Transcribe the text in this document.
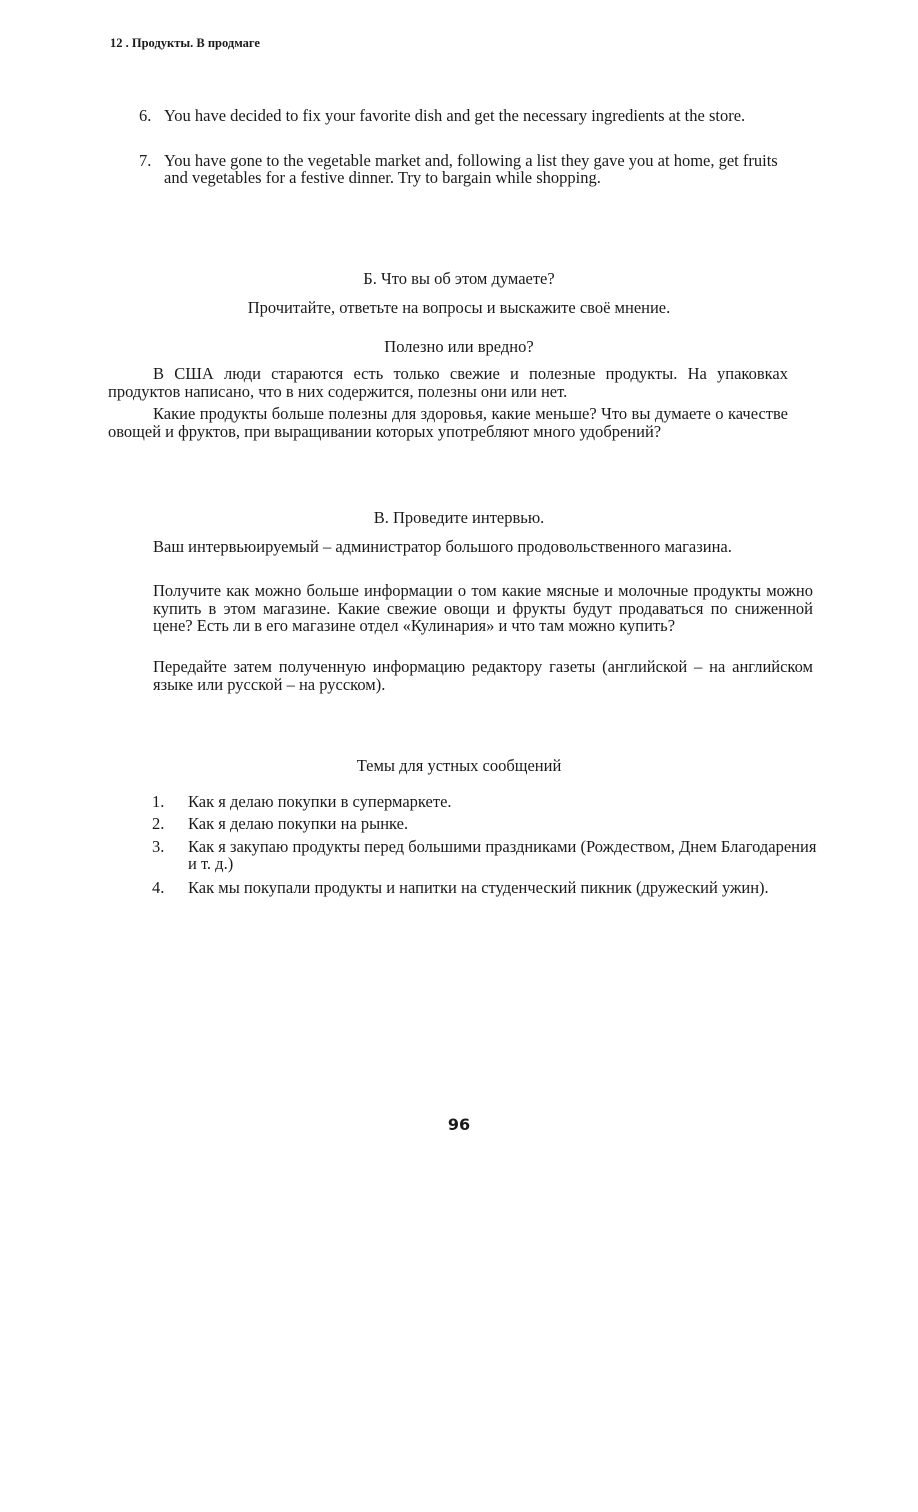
12 . Продукты. В продмаге
6. You have decided to fix your favorite dish and get the necessary ingredients at the store.
7. You have gone to the vegetable market and, following a list they gave you at home, get fruits and vegetables for a festive dinner. Try to bargain while shopping.
Б. Что вы об этом думаете?
Прочитайте, ответьте на вопросы и выскажите своё мнение.
Полезно или вредно?
В США люди стараются есть только свежие и полезные продукты. На упаковках продуктов написано, что в них содержится, полезны они или нет.
Какие продукты больше полезны для здоровья, какие меньше? Что вы думаете о качестве овощей и фруктов, при выращивании которых употребляют много удобрений?
В. Проведите интервью.
Ваш интервьюируемый – администратор большого продовольственного магазина.
Получите как можно больше информации о том какие мясные и молочные продукты можно купить в этом магазине. Какие свежие овощи и фрукты будут продаваться по сниженной цене? Есть ли в его магазине отдел «Кулинария» и что там можно купить?
Передайте затем полученную информацию редактору газеты (английской – на английском языке или русской – на русском).
Темы для устных сообщений
1. Как я делаю покупки в супермаркете.
2. Как я делаю покупки на рынке.
3. Как я закупаю продукты перед большими праздниками (Рождеством, Днем Благодарения и т. д.)
4. Как мы покупали продукты и напитки на студенческий пикник (дружеский ужин).
96
